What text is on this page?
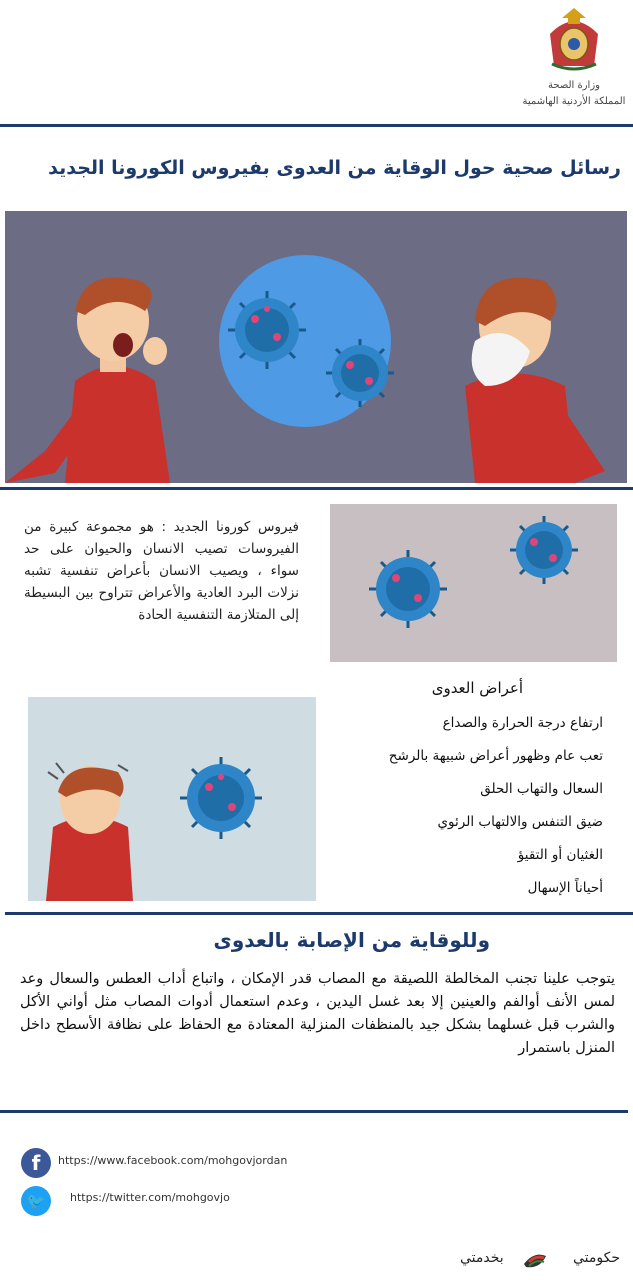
وزارة الصحة
المملكة الأردنية الهاشمية
رسائل صحية حول الوقاية من العدوى بفيروس الكورونا الجديد
فيروس كورونا الجديد : هو مجموعة كبيرة من الفيروسات تصيب الانسان والحيوان على حد سواء ، ويصيب الانسان بأعراض تنفسية تشبه نزلات البرد العادية والأعراض تتراوح بين البسيطة إلى المتلازمة التنفسية الحادة
أعراض العدوى
ارتفاع درجة الحرارة والصداع
تعب عام وظهور أعراض شبيهة بالرشح
السعال والتهاب الحلق
ضيق التنفس والالتهاب الرئوي
الغثيان أو التقيؤ
أحياناً الإسهال
وللوقاية من الإصابة بالعدوى
يتوجب علينا تجنب المخالطة اللصيقة مع المصاب قدر الإمكان ، واتباع أداب العطس والسعال وعد لمس الأنف أوالفم والعينين إلا بعد غسل اليدين ، وعدم استعمال أدوات المصاب مثل أواني الأكل والشرب قبل غسلهما بشكل جيد بالمنظفات المنزلية المعتادة مع الحفاظ على نظافة الأسطح داخل المنزل باستمرار
f	https://www.facebook.com/mohgovjordan
🐦	https://twitter.com/mohgovjo
حكومتي
بخدمتي
